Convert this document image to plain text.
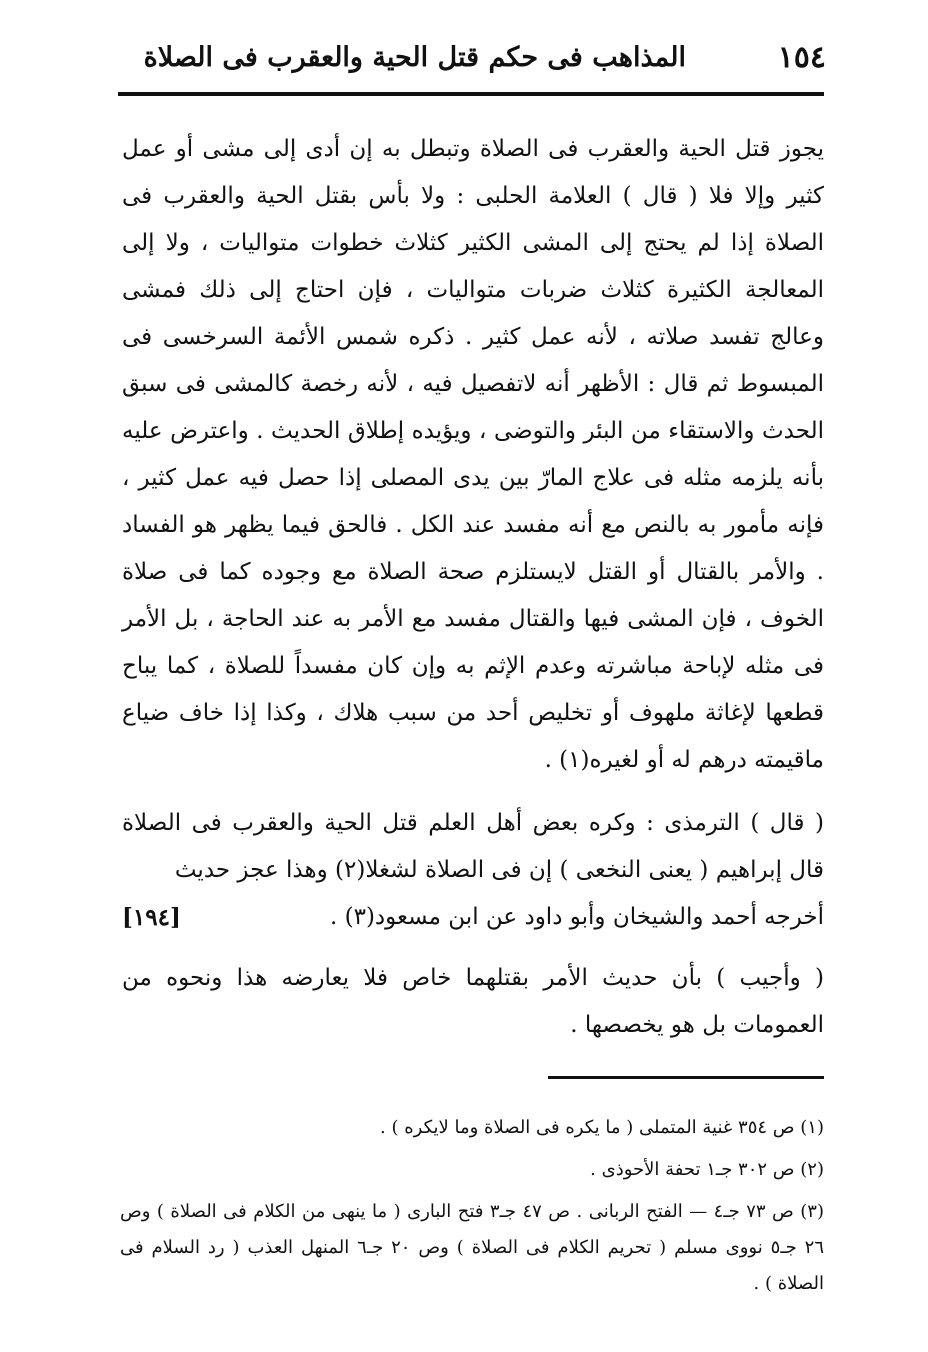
١٥٤
المذاهب فى حكم قتل الحية والعقرب فى الصلاة

يجوز قتل الحية والعقرب فى الصلاة وتبطل به إن أدى إلى مشى أو عمل كثير وإلا فلا ( قال ) العلامة الحلبى : ولا بأس بقتل الحية والعقرب فى الصلاة إذا لم يحتج إلى المشى الكثير كثلاث خطوات متواليات ، ولا إلى المعالجة الكثيرة كثلاث ضربات متواليات ، فإن احتاج إلى ذلك فمشى وعالج تفسد صلاته ، لأنه عمل كثير . ذكره شمس الأئمة السرخسى فى المبسوط ثم قال : الأظهر أنه لاتفصيل فيه ، لأنه رخصة كالمشى فى سبق الحدث والاستقاء من البئر والتوضى ، ويؤيده إطلاق الحديث . واعترض عليه بأنه يلزمه مثله فى علاج المارّ بين يدى المصلى إذا حصل فيه عمل كثير ، فإنه مأمور به بالنص مع أنه مفسد عند الكل . فالحق فيما يظهر هو الفساد . والأمر بالقتال أو القتل لايستلزم صحة الصلاة مع وجوده كما فى صلاة الخوف ، فإن المشى فيها والقتال مفسد مع الأمر به عند الحاجة ، بل الأمر فى مثله لإباحة مباشرته وعدم الإثم به وإن كان مفسداً للصلاة ، كما يباح قطعها لإغاثة ملهوف أو تخليص أحد من سبب هلاك ، وكذا إذا خاف ضياع ماقيمته درهم له أو لغيره(١) .

( قال ) الترمذى : وكره بعض أهل العلم قتل الحية والعقرب فى الصلاة قال إبراهيم ( يعنى النخعى ) إن فى الصلاة لشغلا(٢) وهذا عجز حديث

أخرجه أحمد والشيخان وأبو داود عن ابن مسعود(٣) .
[١٩٤]

( وأجيب ) بأن حديث الأمر بقتلهما خاص فلا يعارضه هذا ونحوه من العمومات بل هو يخصصها .

(١) ص ٣٥٤ غنية المتملى ( ما يكره فى الصلاة وما لايكره ) .

(٢) ص ٣٠٢ جـ١ تحفة الأحوذى .

(٣) ص ٧٣ جـ٤ — الفتح الربانى . ص ٤٧ جـ٣ فتح البارى ( ما ينهى من الكلام فى الصلاة ) وص ٢٦ جـ٥ نووى مسلم ( تحريم الكلام فى الصلاة ) وص ٢٠ جـ٦ المنهل العذب ( رد السلام فى الصلاة ) .
